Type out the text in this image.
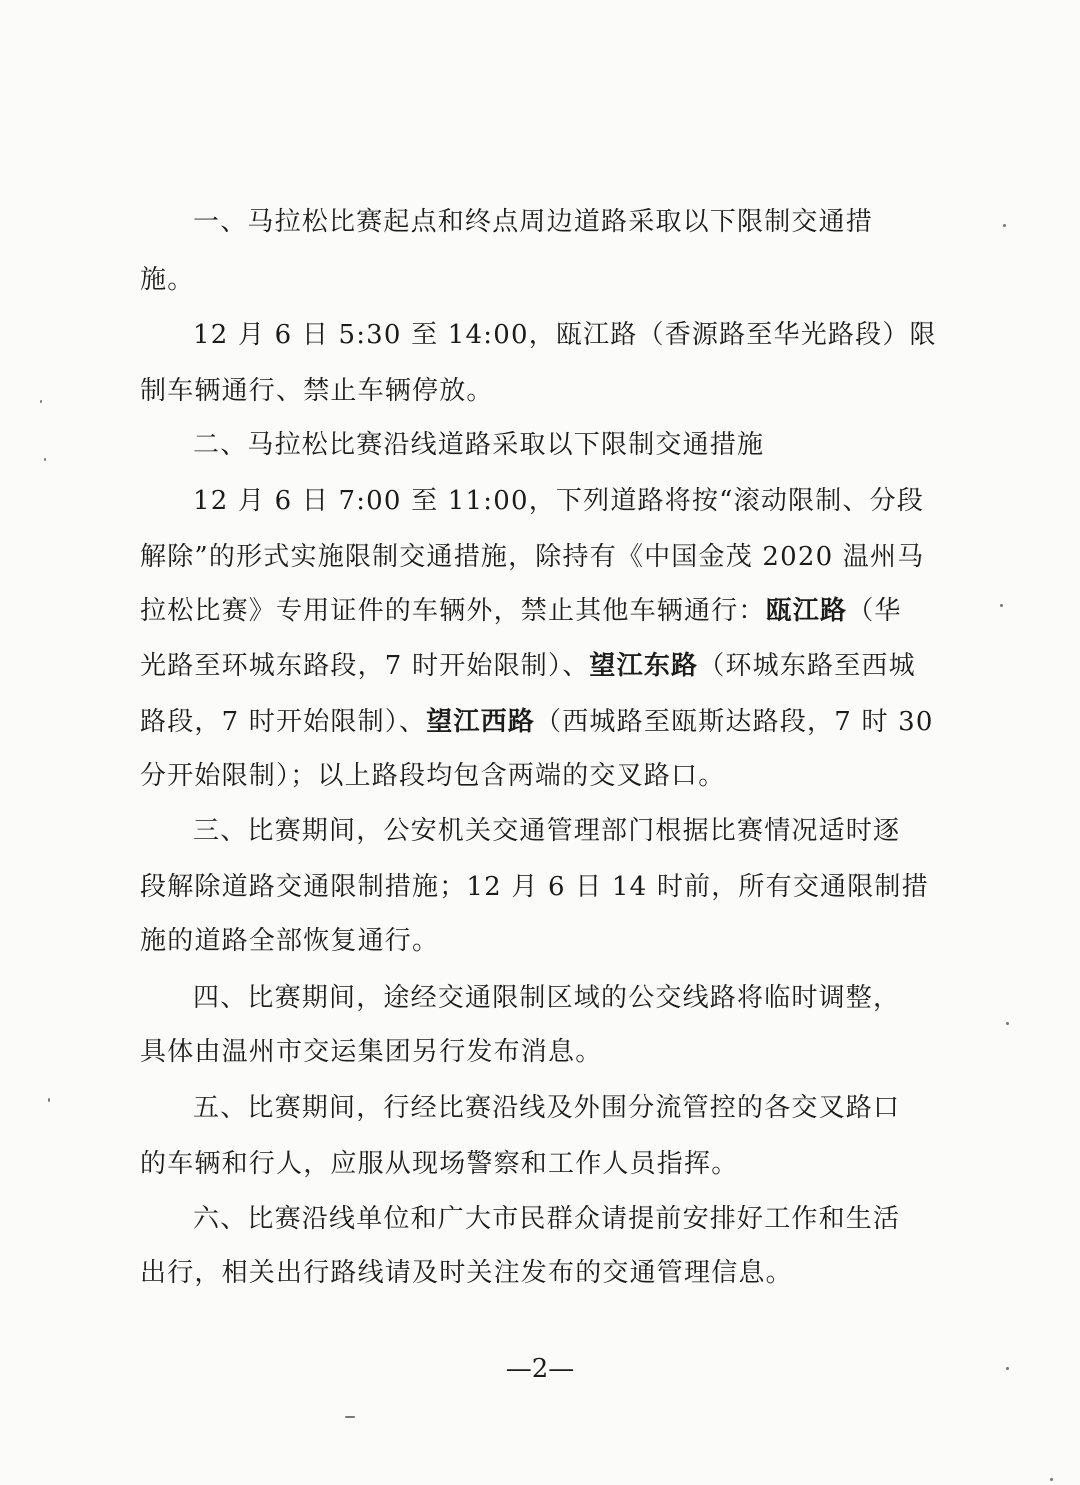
一、马拉松比赛起点和终点周边道路采取以下限制交通措
施。
12 月 6 日 5:30 至 14:00，瓯江路（香源路至华光路段）限
制车辆通行、禁止车辆停放。
二、马拉松比赛沿线道路采取以下限制交通措施
12 月 6 日 7:00 至 11:00，下列道路将按“滚动限制、分段
解除”的形式实施限制交通措施，除持有《中国金茂 2020 温州马
拉松比赛》专用证件的车辆外，禁止其他车辆通行：瓯江路（华
光路至环城东路段，7 时开始限制）、望江东路（环城东路至西城
路段，7 时开始限制）、望江西路（西城路至瓯斯达路段，7 时 30
分开始限制）；以上路段均包含两端的交叉路口。
三、比赛期间，公安机关交通管理部门根据比赛情况适时逐
段解除道路交通限制措施；12 月 6 日 14 时前，所有交通限制措
施的道路全部恢复通行。
四、比赛期间，途经交通限制区域的公交线路将临时调整，
具体由温州市交运集团另行发布消息。
五、比赛期间，行经比赛沿线及外围分流管控的各交叉路口
的车辆和行人，应服从现场警察和工作人员指挥。
六、比赛沿线单位和广大市民群众请提前安排好工作和生活
出行，相关出行路线请及时关注发布的交通管理信息。
—2—
